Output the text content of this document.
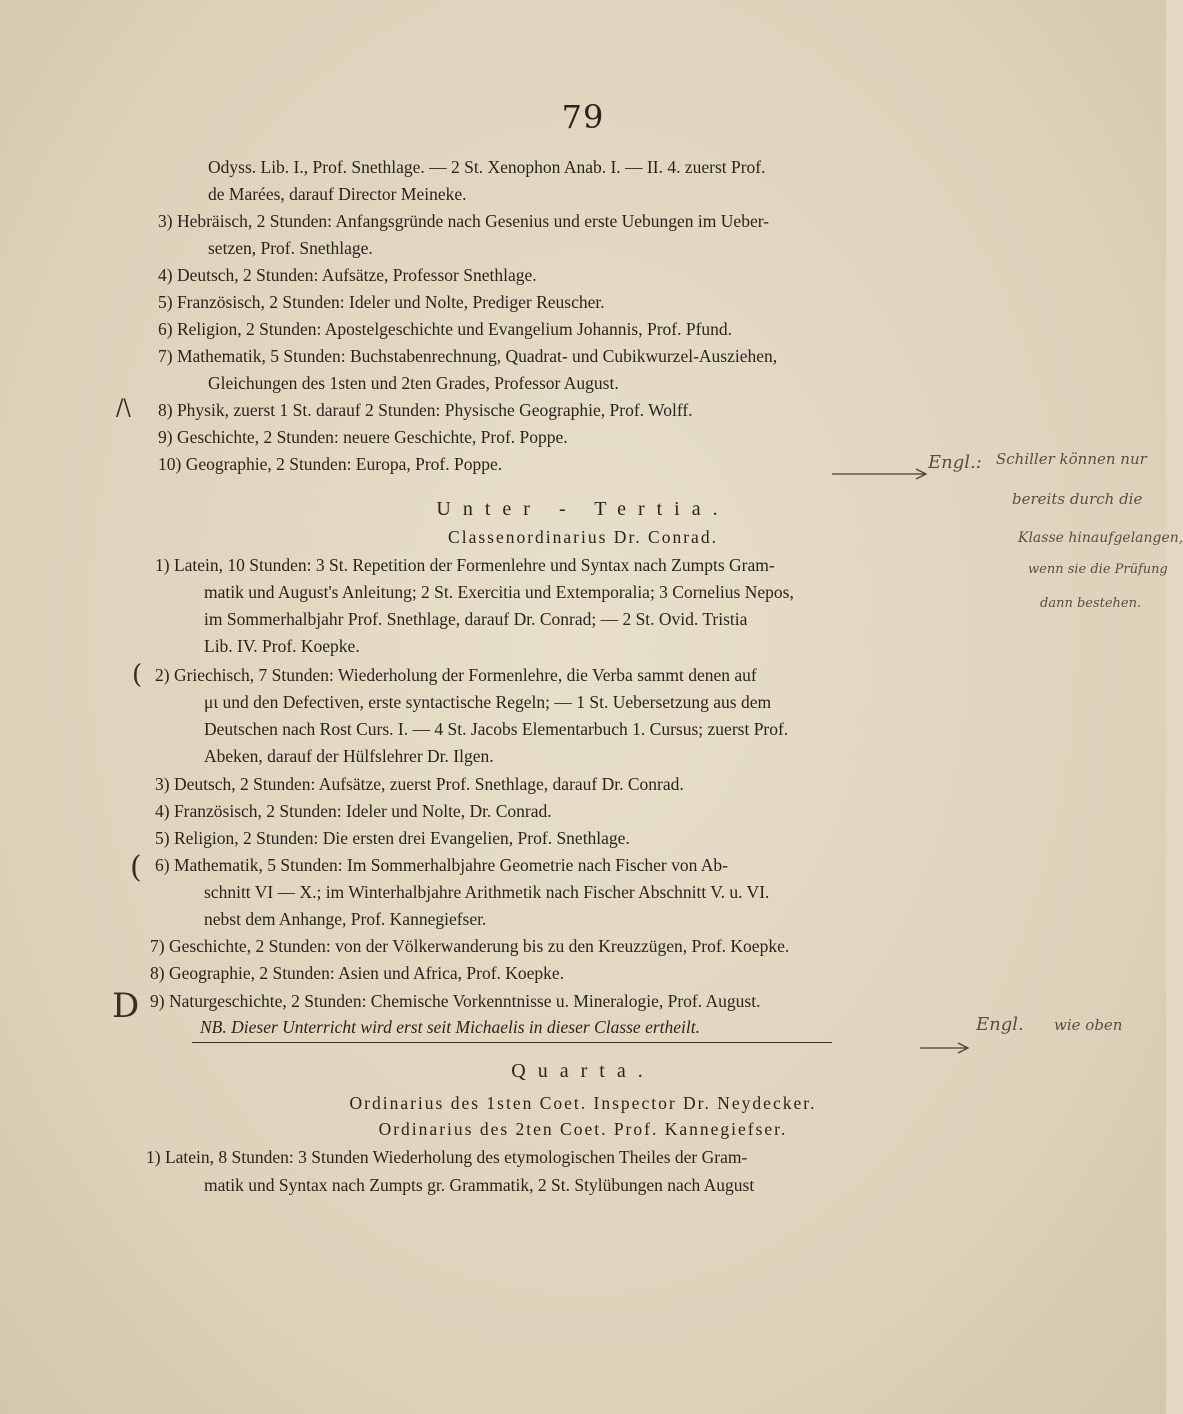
79
Odyss. Lib. I., Prof. Snethlage. — 2 St. Xenophon Anab. I. — II. 4. zuerst Prof.
de Marées, darauf Director Meineke.
3) Hebräisch, 2 Stunden: Anfangsgründe nach Gesenius und erste Uebungen im Ueber-
setzen, Prof. Snethlage.
4) Deutsch, 2 Stunden: Aufsätze, Professor Snethlage.
5) Französisch, 2 Stunden: Ideler und Nolte, Prediger Reuscher.
6) Religion, 2 Stunden: Apostelgeschichte und Evangelium Johannis, Prof. Pfund.
7) Mathematik, 5 Stunden: Buchstabenrechnung, Quadrat- und Cubikwurzel-Ausziehen,
Gleichungen des 1sten und 2ten Grades, Professor August.
8) Physik, zuerst 1 St. darauf 2 Stunden: Physische Geographie, Prof. Wolff.
9) Geschichte, 2 Stunden: neuere Geschichte, Prof. Poppe.
10) Geographie, 2 Stunden: Europa, Prof. Poppe.
Unter - Tertia.
Classenordinarius Dr. Conrad.
1) Latein, 10 Stunden: 3 St. Repetition der Formenlehre und Syntax nach Zumpts Gram-
matik und August's Anleitung; 2 St. Exercitia und Extemporalia; 3 Cornelius Nepos,
im Sommerhalbjahr Prof. Snethlage, darauf Dr. Conrad; — 2 St. Ovid. Tristia
Lib. IV. Prof. Koepke.
2) Griechisch, 7 Stunden: Wiederholung der Formenlehre, die Verba sammt denen auf
μι und den Defectiven, erste syntactische Regeln; — 1 St. Uebersetzung aus dem
Deutschen nach Rost Curs. I. — 4 St. Jacobs Elementarbuch 1. Cursus; zuerst Prof.
Abeken, darauf der Hülfslehrer Dr. Ilgen.
3) Deutsch, 2 Stunden: Aufsätze, zuerst Prof. Snethlage, darauf Dr. Conrad.
4) Französisch, 2 Stunden: Ideler und Nolte, Dr. Conrad.
5) Religion, 2 Stunden: Die ersten drei Evangelien, Prof. Snethlage.
6) Mathematik, 5 Stunden: Im Sommerhalbjahre Geometrie nach Fischer von Ab-
schnitt VI — X.; im Winterhalbjahre Arithmetik nach Fischer Abschnitt V. u. VI.
nebst dem Anhange, Prof. Kannegiefser.
7) Geschichte, 2 Stunden: von der Völkerwanderung bis zu den Kreuzzügen, Prof. Koepke.
8) Geographie, 2 Stunden: Asien und Africa, Prof. Koepke.
9) Naturgeschichte, 2 Stunden: Chemische Vorkenntnisse u. Mineralogie, Prof. August.
NB. Dieser Unterricht wird erst seit Michaelis in dieser Classe ertheilt.
Quarta.
Ordinarius des 1sten Coet. Inspector Dr. Neydecker.
Ordinarius des 2ten Coet. Prof. Kannegiefser.
1) Latein, 8 Stunden: 3 Stunden Wiederholung des etymologischen Theiles der Gram-
matik und Syntax nach Zumpts gr. Grammatik, 2 St. Stylübungen nach August
/\
(
(
D
Engl.: Schiller können nur
bereits durch die
Klasse hinaufgelangen,
wenn sie die Prüfung
dann bestehen.
Engl. wie oben
